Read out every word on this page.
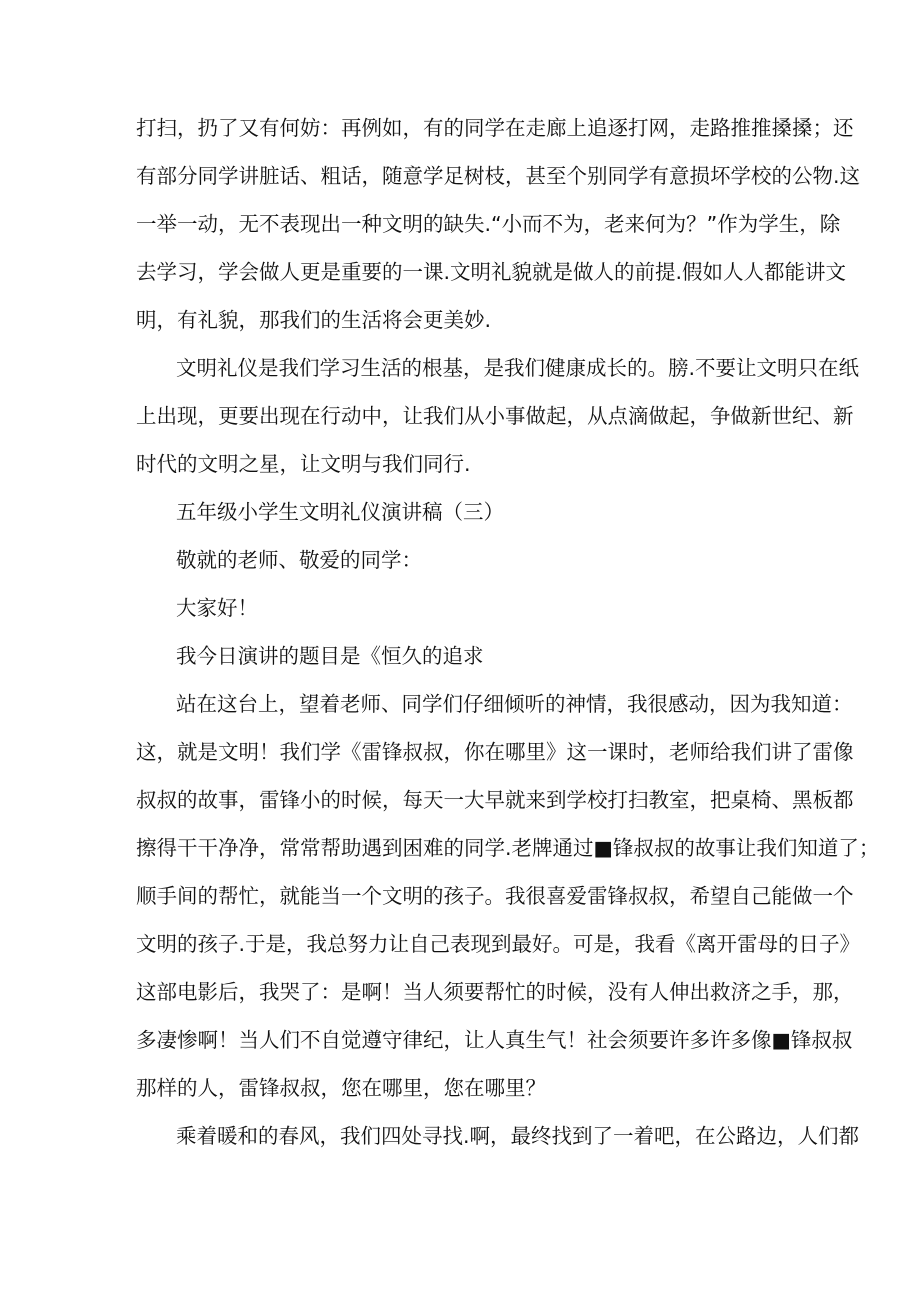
打扫，扔了又有何妨：再例如，有的同学在走廊上追逐打网，走路推推搡搡；还
有部分同学讲脏话、粗话，随意学足树枝，甚至个别同学有意损坏学校的公物.这
一举一动，无不表现出一种文明的缺失.“小而不为，老来何为？”作为学生，除
去学习，学会做人更是重要的一课.文明礼貌就是做人的前提.假如人人都能讲文
明，有礼貌，那我们的生活将会更美妙.
文明礼仪是我们学习生活的根基，是我们健康成长的。膀.不要让文明只在纸
上出现，更要出现在行动中，让我们从小事做起，从点滴做起，争做新世纪、新
时代的文明之星，让文明与我们同行.
五年级小学生文明礼仪演讲稿（三）
敬就的老师、敬爱的同学：
大家好！
我今日演讲的题目是《恒久的追求
站在这台上，望着老师、同学们仔细倾听的神情，我很感动，因为我知道：
这，就是文明！我们学《雷锋叔叔，你在哪里》这一课时，老师给我们讲了雷像
叔叔的故事，雷锋小的时候，每天一大早就来到学校打扫教室，把桌椅、黑板都
擦得干干净净，常常帮助遇到困难的同学.老牌通过■锋叔叔的故事让我们知道了；
顺手间的帮忙，就能当一个文明的孩子。我很喜爱雷锋叔叔，希望自己能做一个
文明的孩子.于是，我总努力让自己表现到最好。可是，我看《离开雷母的日子》
这部电影后，我哭了：是啊！当人须要帮忙的时候，没有人伸出救济之手，那，
多凄惨啊！当人们不自觉遵守律纪，让人真生气！社会须要许多许多像■锋叔叔
那样的人，雷锋叔叔，您在哪里，您在哪里？
乘着暖和的春风，我们四处寻找.啊，最终找到了一着吧，在公路边，人们都
